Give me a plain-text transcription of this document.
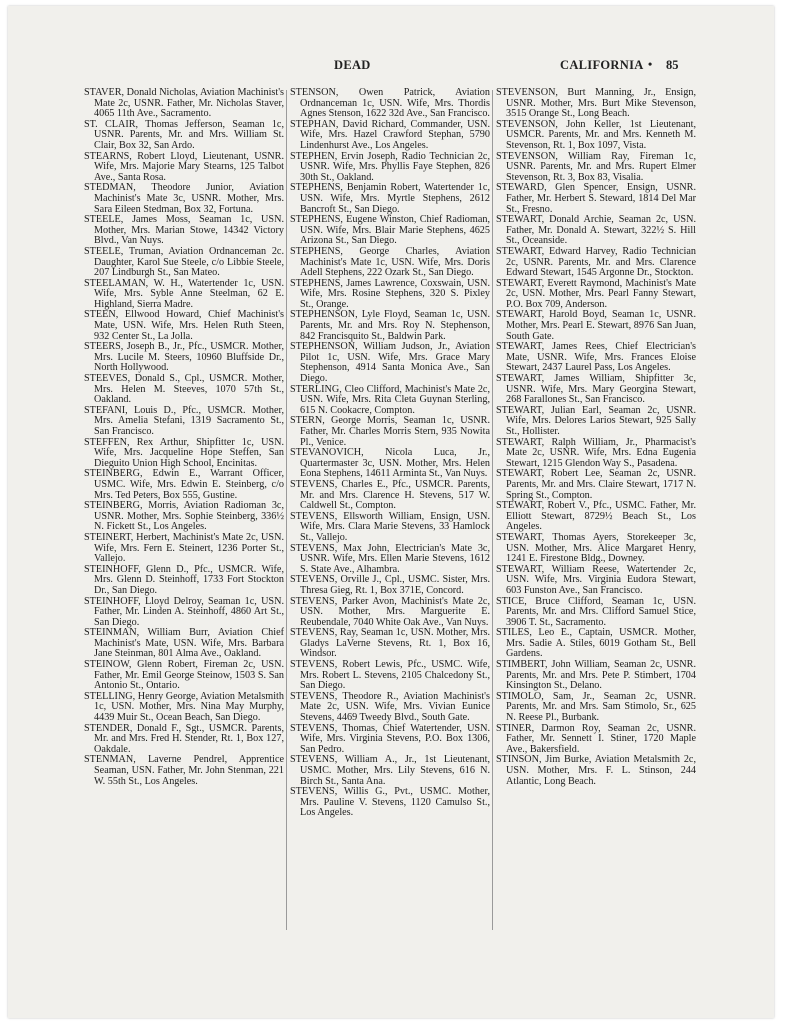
DEAD	CALIFORNIA • 85

STAVER, Donald Nicholas, Aviation Machinist's Mate 2c, USNR. Father, Mr. Nicholas Staver, 4065 11th Ave., Sacramento.

ST. CLAIR, Thomas Jefferson, Seaman 1c, USNR. Parents, Mr. and Mrs. William St. Clair, Box 32, San Ardo.

STEARNS, Robert Lloyd, Lieutenant, USNR. Wife, Mrs. Majorie Mary Stearns, 125 Talbot Ave., Santa Rosa.

STEDMAN, Theodore Junior, Aviation Machinist's Mate 3c, USNR. Mother, Mrs. Sara Eileen Stedman, Box 32, Fortuna.

STEELE, James Moss, Seaman 1c, USN. Mother, Mrs. Marian Stowe, 14342 Victory Blvd., Van Nuys.

STEELE, Truman, Aviation Ordnanceman 2c. Daughter, Karol Sue Steele, c/o Libbie Steele, 207 Lindburgh St., San Mateo.

STEELAMAN, W. H., Watertender 1c, USN. Wife, Mrs. Syble Anne Steelman, 62 E. Highland, Sierra Madre.

STEEN, Ellwood Howard, Chief Machinist's Mate, USN. Wife, Mrs. Helen Ruth Steen, 932 Center St., La Jolla.

STEERS, Joseph B., Jr., Pfc., USMCR. Mother, Mrs. Lucile M. Steers, 10960 Bluffside Dr., North Hollywood.

STEEVES, Donald S., Cpl., USMCR. Mother, Mrs. Helen M. Steeves, 1070 57th St., Oakland.

STEFANI, Louis D., Pfc., USMCR. Mother, Mrs. Amelia Stefani, 1319 Sacramento St., San Francisco.

STEFFEN, Rex Arthur, Shipfitter 1c, USN. Wife, Mrs. Jacqueline Hope Steffen, San Dieguito Union High School, Encinitas.

STEINBERG, Edwin E., Warrant Officer, USMC. Wife, Mrs. Edwin E. Steinberg, c/o Mrs. Ted Peters, Box 555, Gustine.

STEINBERG, Morris, Aviation Radioman 3c, USNR. Mother, Mrs. Sophie Steinberg, 336½ N. Fickett St., Los Angeles.

STEINERT, Herbert, Machinist's Mate 2c, USN. Wife, Mrs. Fern E. Steinert, 1236 Porter St., Vallejo.

STEINHOFF, Glenn D., Pfc., USMCR. Wife, Mrs. Glenn D. Steinhoff, 1733 Fort Stockton Dr., San Diego.

STEINHOFF, Lloyd Delroy, Seaman 1c, USN. Father, Mr. Linden A. Steinhoff, 4860 Art St., San Diego.

STEINMAN, William Burr, Aviation Chief Machinist's Mate, USN. Wife, Mrs. Barbara Jane Steinman, 801 Alma Ave., Oakland.

STEINOW, Glenn Robert, Fireman 2c, USN. Father, Mr. Emil George Steinow, 1503 S. San Antonio St., Ontario.

STELLING, Henry George, Aviation Metalsmith 1c, USN. Mother, Mrs. Nina May Murphy, 4439 Muir St., Ocean Beach, San Diego.

STENDER, Donald F., Sgt., USMCR. Parents, Mr. and Mrs. Fred H. Stender, Rt. 1, Box 127, Oakdale.

STENMAN, Laverne Pendrel, Apprentice Seaman, USN. Father, Mr. John Stenman, 221 W. 55th St., Los Angeles.

STENSON, Owen Patrick, Aviation Ordnanceman 1c, USN. Wife, Mrs. Thordis Agnes Stenson, 1622 32d Ave., San Francisco.

STEPHAN, David Richard, Commander, USN. Wife, Mrs. Hazel Crawford Stephan, 5790 Lindenhurst Ave., Los Angeles.

STEPHEN, Ervin Joseph, Radio Technician 2c, USNR. Wife, Mrs. Phyllis Faye Stephen, 826 30th St., Oakland.

STEPHENS, Benjamin Robert, Watertender 1c, USN. Wife, Mrs. Myrtle Stephens, 2612 Bancroft St., San Diego.

STEPHENS, Eugene Winston, Chief Radioman, USN. Wife, Mrs. Blair Marie Stephens, 4625 Arizona St., San Diego.

STEPHENS, George Charles, Aviation Machinist's Mate 1c, USN. Wife, Mrs. Doris Adell Stephens, 222 Ozark St., San Diego.

STEPHENS, James Lawrence, Coxswain, USN. Wife, Mrs. Rosine Stephens, 320 S. Pixley St., Orange.

STEPHENSON, Lyle Floyd, Seaman 1c, USN. Parents, Mr. and Mrs. Roy N. Stephenson, 842 Francisquito St., Baldwin Park.

STEPHENSON, William Judson, Jr., Aviation Pilot 1c, USN. Wife, Mrs. Grace Mary Stephenson, 4914 Santa Monica Ave., San Diego.

STERLING, Cleo Clifford, Machinist's Mate 2c, USN. Wife, Mrs. Rita Cleta Guynan Sterling, 615 N. Cookacre, Compton.

STERN, George Morris, Seaman 1c, USNR. Father, Mr. Charles Morris Stern, 935 Nowita Pl., Venice.

STEVANOVICH, Nicola Luca, Jr., Quartermaster 3c, USN. Mother, Mrs. Helen Eona Stephens, 14611 Arminta St., Van Nuys.

STEVENS, Charles E., Pfc., USMCR. Parents, Mr. and Mrs. Clarence H. Stevens, 517 W. Caldwell St., Compton.

STEVENS, Ellsworth William, Ensign, USN. Wife, Mrs. Clara Marie Stevens, 33 Hamlock St., Vallejo.

STEVENS, Max John, Electrician's Mate 3c, USNR. Wife, Mrs. Ellen Marie Stevens, 1612 S. State Ave., Alhambra.

STEVENS, Orville J., Cpl., USMC. Sister, Mrs. Thresa Gieg, Rt. 1, Box 371E, Concord.

STEVENS, Parker Avon, Machinist's Mate 2c, USN. Mother, Mrs. Marguerite E. Reubendale, 7040 White Oak Ave., Van Nuys.

STEVENS, Ray, Seaman 1c, USN. Mother, Mrs. Gladys LaVerne Stevens, Rt. 1, Box 16, Windsor.

STEVENS, Robert Lewis, Pfc., USMC. Wife, Mrs. Robert L. Stevens, 2105 Chalcedony St., San Diego.

STEVENS, Theodore R., Aviation Machinist's Mate 2c, USN. Wife, Mrs. Vivian Eunice Stevens, 4469 Tweedy Blvd., South Gate.

STEVENS, Thomas, Chief Watertender, USN. Wife, Mrs. Virginia Stevens, P.O. Box 1306, San Pedro.

STEVENS, William A., Jr., 1st Lieutenant, USMC. Mother, Mrs. Lily Stevens, 616 N. Birch St., Santa Ana.

STEVENS, Willis G., Pvt., USMC. Mother, Mrs. Pauline V. Stevens, 1120 Camulso St., Los Angeles.

STEVENSON, Burt Manning, Jr., Ensign, USNR. Mother, Mrs. Burt Mike Stevenson, 3515 Orange St., Long Beach.

STEVENSON, John Keller, 1st Lieutenant, USMCR. Parents, Mr. and Mrs. Kenneth M. Stevenson, Rt. 1, Box 1097, Vista.

STEVENSON, William Ray, Fireman 1c, USNR. Parents, Mr. and Mrs. Rupert Elmer Stevenson, Rt. 3, Box 83, Visalia.

STEWARD, Glen Spencer, Ensign, USNR. Father, Mr. Herbert S. Steward, 1814 Del Mar St., Fresno.

STEWART, Donald Archie, Seaman 2c, USN. Father, Mr. Donald A. Stewart, 322½ S. Hill St., Oceanside.

STEWART, Edward Harvey, Radio Technician 2c, USNR. Parents, Mr. and Mrs. Clarence Edward Stewart, 1545 Argonne Dr., Stockton.

STEWART, Everett Raymond, Machinist's Mate 2c, USN. Mother, Mrs. Pearl Fanny Stewart, P.O. Box 709, Anderson.

STEWART, Harold Boyd, Seaman 1c, USNR. Mother, Mrs. Pearl E. Stewart, 8976 San Juan, South Gate.

STEWART, James Rees, Chief Electrician's Mate, USNR. Wife, Mrs. Frances Eloise Stewart, 2437 Laurel Pass, Los Angeles.

STEWART, James William, Shipfitter 3c, USNR. Wife, Mrs. Mary Georgina Stewart, 268 Farallones St., San Francisco.

STEWART, Julian Earl, Seaman 2c, USNR. Wife, Mrs. Delores Larios Stewart, 925 Sally St., Hollister.

STEWART, Ralph William, Jr., Pharmacist's Mate 2c, USNR. Wife, Mrs. Edna Eugenia Stewart, 1215 Glendon Way S., Pasadena.

STEWART, Robert Lee, Seaman 2c, USNR. Parents, Mr. and Mrs. Claire Stewart, 1717 N. Spring St., Compton.

STEWART, Robert V., Pfc., USMC. Father, Mr. Elliott Stewart, 8729½ Beach St., Los Angeles.

STEWART, Thomas Ayers, Storekeeper 3c, USN. Mother, Mrs. Alice Margaret Henry, 1241 E. Firestone Bldg., Downey.

STEWART, William Reese, Watertender 2c, USN. Wife, Mrs. Virginia Eudora Stewart, 603 Funston Ave., San Francisco.

STICE, Bruce Clifford, Seaman 1c, USN. Parents, Mr. and Mrs. Clifford Samuel Stice, 3906 T. St., Sacramento.

STILES, Leo E., Captain, USMCR. Mother, Mrs. Sadie A. Stiles, 6019 Gotham St., Bell Gardens.

STIMBERT, John William, Seaman 2c, USNR. Parents, Mr. and Mrs. Pete P. Stimbert, 1704 Kinsington St., Delano.

STIMOLO, Sam, Jr., Seaman 2c, USNR. Parents, Mr. and Mrs. Sam Stimolo, Sr., 625 N. Reese Pl., Burbank.

STINER, Darmon Roy, Seaman 2c, USNR. Father, Mr. Sennett I. Stiner, 1720 Maple Ave., Bakersfield.

STINSON, Jim Burke, Aviation Metalsmith 2c, USN. Mother, Mrs. F. L. Stinson, 244 Atlantic, Long Beach.
